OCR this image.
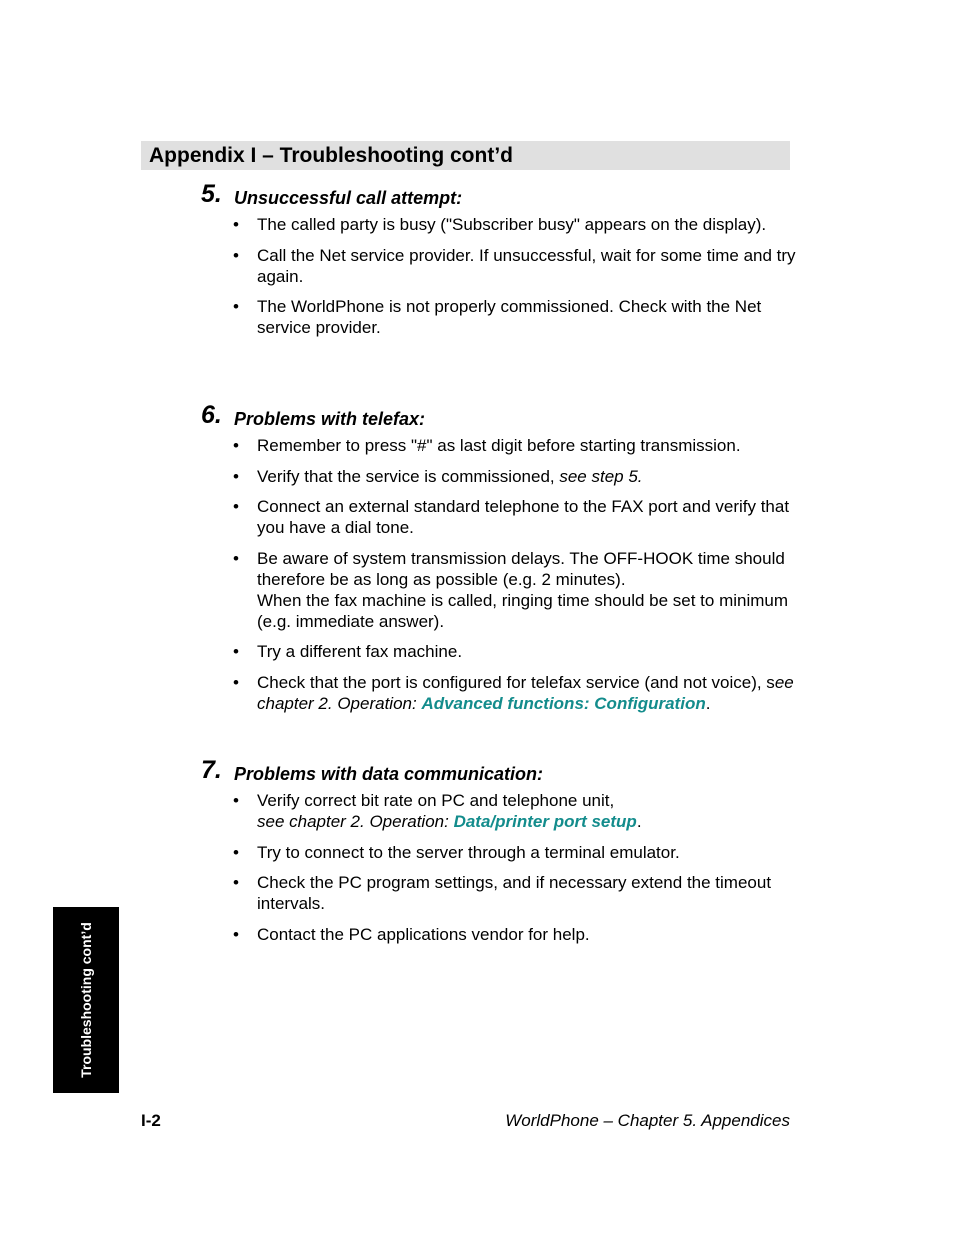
Appendix I – Troubleshooting cont’d
5. Unsuccessful call attempt:
• The called party is busy ("Subscriber busy" appears on the display).
• Call the Net service provider. If unsuccessful, wait for some time and try again.
• The WorldPhone is not properly commissioned. Check with the Net service provider.
6. Problems with telefax:
• Remember to press "#" as last digit before starting transmission.
• Verify that the service is commissioned, see step 5.
• Connect an external standard telephone to the FAX port and verify that you have a dial tone.
• Be aware of system transmission delays. The OFF-HOOK time should therefore be as long as possible (e.g. 2 minutes).
When the fax machine is called, ringing time should be set to minimum (e.g. immediate answer).
• Try a different fax machine.
• Check that the port is configured for telefax service (and not voice), see chapter 2. Operation: Advanced functions: Configuration.
7. Problems with data communication:
• Verify correct bit rate on PC and telephone unit,
see chapter 2. Operation: Data/printer port setup.
• Try to connect to the server through a terminal emulator.
• Check the PC program settings, and if necessary extend the timeout intervals.
• Contact the PC applications vendor for help.
Troubleshooting cont’d
I-2	WorldPhone – Chapter 5. Appendices
